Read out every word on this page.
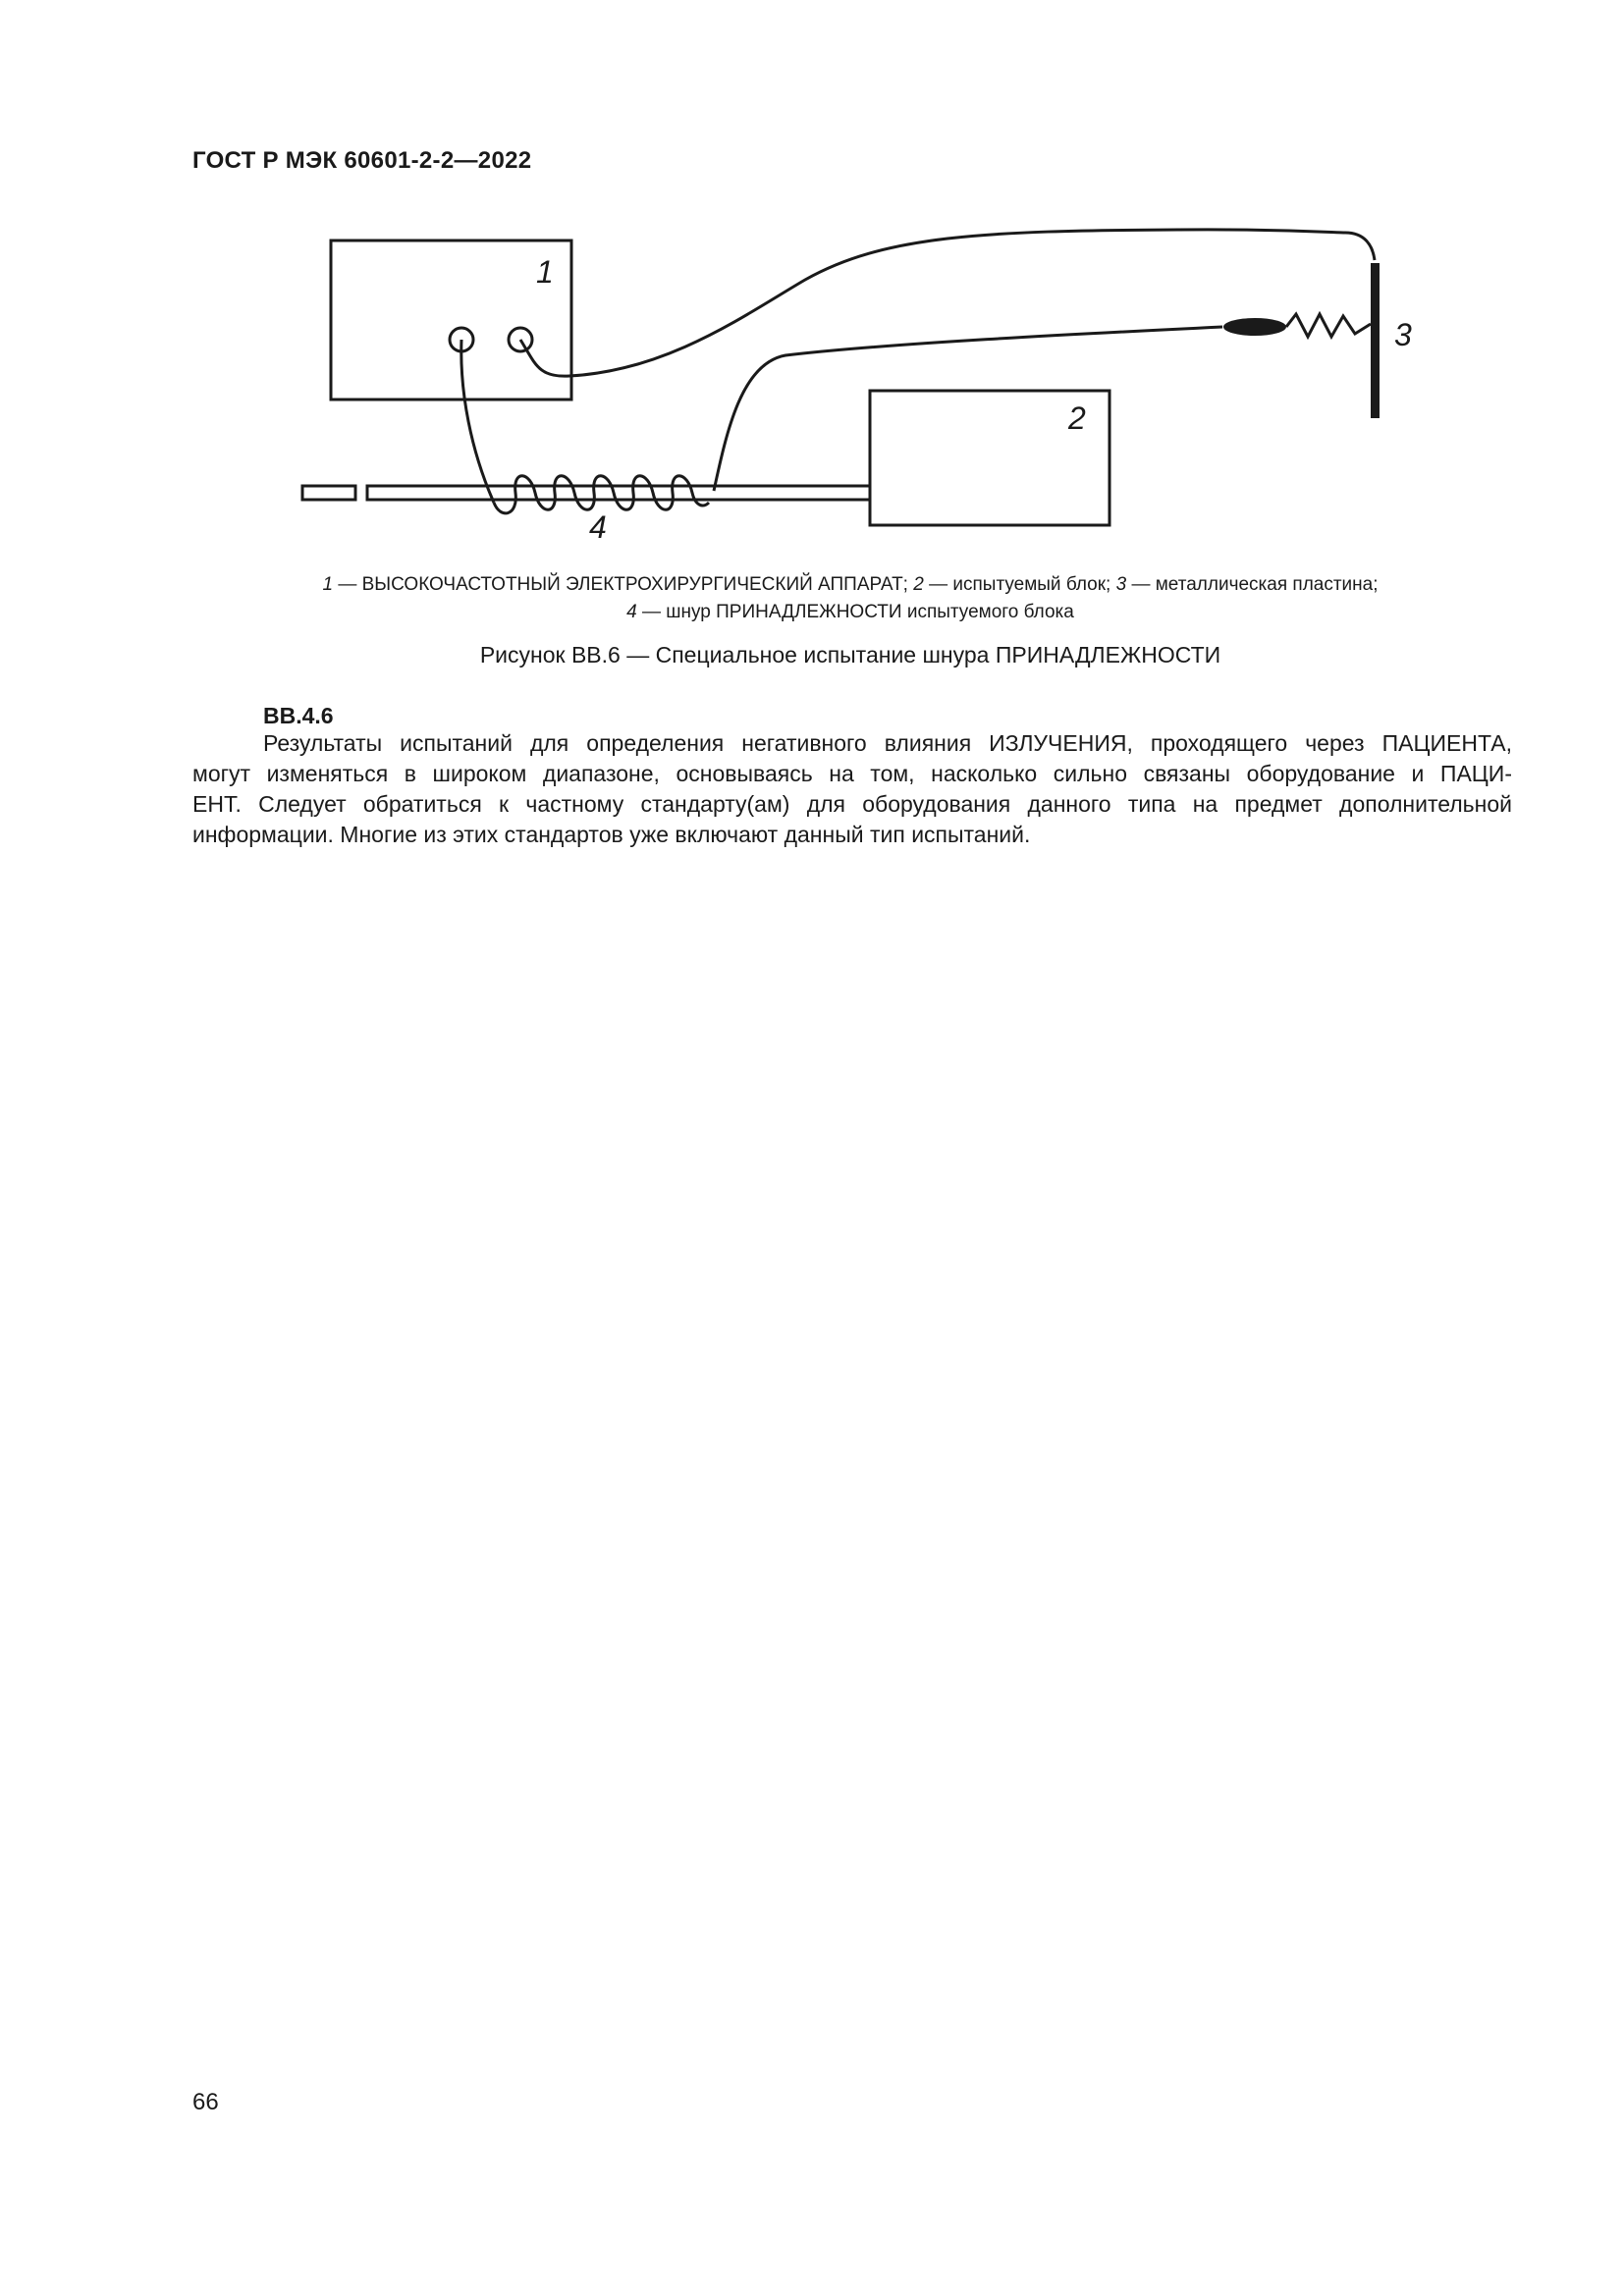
ГОСТ Р МЭК 60601-2-2—2022
1
3
2
4
1 — ВЫСОКОЧАСТОТНЫЙ ЭЛЕКТРОХИРУРГИЧЕСКИЙ АППАРАТ; 2 — испытуемый блок; 3 — металлическая пластина;
4 — шнур ПРИНАДЛЕЖНОСТИ испытуемого блока
Рисунок BB.6 — Специальное испытание шнура ПРИНАДЛЕЖНОСТИ
BB.4.6
Результаты испытаний для определения негативного влияния ИЗЛУЧЕНИЯ, проходящего через ПАЦИЕНТА,
могут изменяться в широком диапазоне, основываясь на том, насколько сильно связаны оборудование и ПАЦИ-
ЕНТ. Следует обратиться к частному стандарту(ам) для оборудования данного типа на предмет дополнительной
информации. Многие из этих стандартов уже включают данный тип испытаний.
66
